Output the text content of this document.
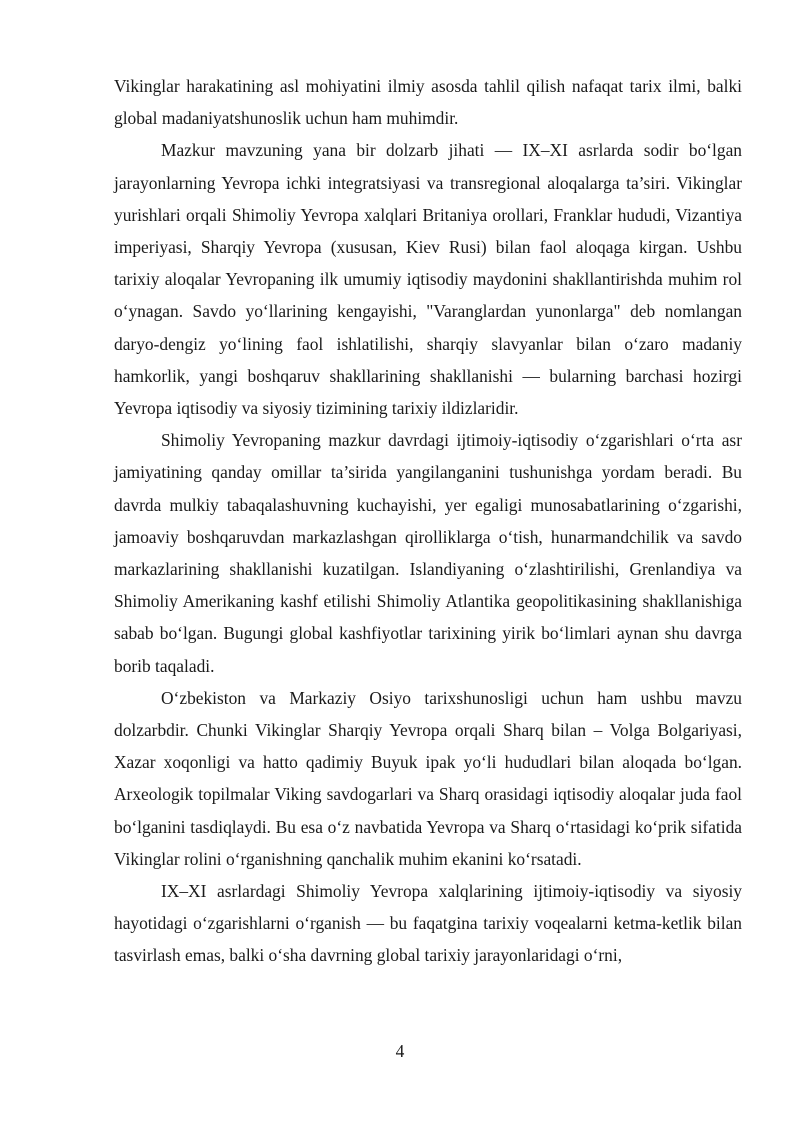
Vikinglar harakatining asl mohiyatini ilmiy asosda tahlil qilish nafaqat tarix ilmi, balki global madaniyatshunoslik uchun ham muhimdir.

Mazkur mavzuning yana bir dolzarb jihati — IX–XI asrlarda sodir bo‘lgan jarayonlarning Yevropa ichki integratsiyasi va transregional aloqalarga ta’siri. Vikinglar yurishlari orqali Shimoliy Yevropa xalqlari Britaniya orollari, Franklar hududi, Vizantiya imperiyasi, Sharqiy Yevropa (xususan, Kiev Rusi) bilan faol aloqaga kirgan. Ushbu tarixiy aloqalar Yevropaning ilk umumiy iqtisodiy maydonini shakllantirishda muhim rol o‘ynagan. Savdo yo‘llarining kengayishi, "Varanglardan yunonlarga" deb nomlangan daryo-dengiz yo‘lining faol ishlatilishi, sharqiy slavyanlar bilan o‘zaro madaniy hamkorlik, yangi boshqaruv shakllarining shakllanishi — bularning barchasi hozirgi Yevropa iqtisodiy va siyosiy tizimining tarixiy ildizlaridir.

Shimoliy Yevropaning mazkur davrdagi ijtimoiy-iqtisodiy o‘zgarishlari o‘rta asr jamiyatining qanday omillar ta’sirida yangilanganini tushunishga yordam beradi. Bu davrda mulkiy tabaqalashuvning kuchayishi, yer egaligi munosabatlarining o‘zgarishi, jamoaviy boshqaruvdan markazlashgan qirolliklarga o‘tish, hunarmandchilik va savdo markazlarining shakllanishi kuzatilgan. Islandiyaning o‘zlashtirilishi, Grenlandiya va Shimoliy Amerikaning kashf etilishi Shimoliy Atlantika geopolitikasining shakllanishiga sabab bo‘lgan. Bugungi global kashfiyotlar tarixining yirik bo‘limlari aynan shu davrga borib taqaladi.

O‘zbekiston va Markaziy Osiyo tarixshunosligi uchun ham ushbu mavzu dolzarbdir. Chunki Vikinglar Sharqiy Yevropa orqali Sharq bilan – Volga Bolgariyasi, Xazar xoqonligi va hatto qadimiy Buyuk ipak yo‘li hududlari bilan aloqada bo‘lgan. Arxeologik topilmalar Viking savdogarlari va Sharq orasidagi iqtisodiy aloqalar juda faol bo‘lganini tasdiqlaydi. Bu esa o‘z navbatida Yevropa va Sharq o‘rtasidagi ko‘prik sifatida Vikinglar rolini o‘rganishning qanchalik muhim ekanini ko‘rsatadi.

IX–XI asrlardagi Shimoliy Yevropa xalqlarining ijtimoiy-iqtisodiy va siyosiy hayotidagi o‘zgarishlarni o‘rganish — bu faqatgina tarixiy voqealarni ketma-ketlik bilan tasvirlash emas, balki o‘sha davrning global tarixiy jarayonlaridagi o‘rni,

4
